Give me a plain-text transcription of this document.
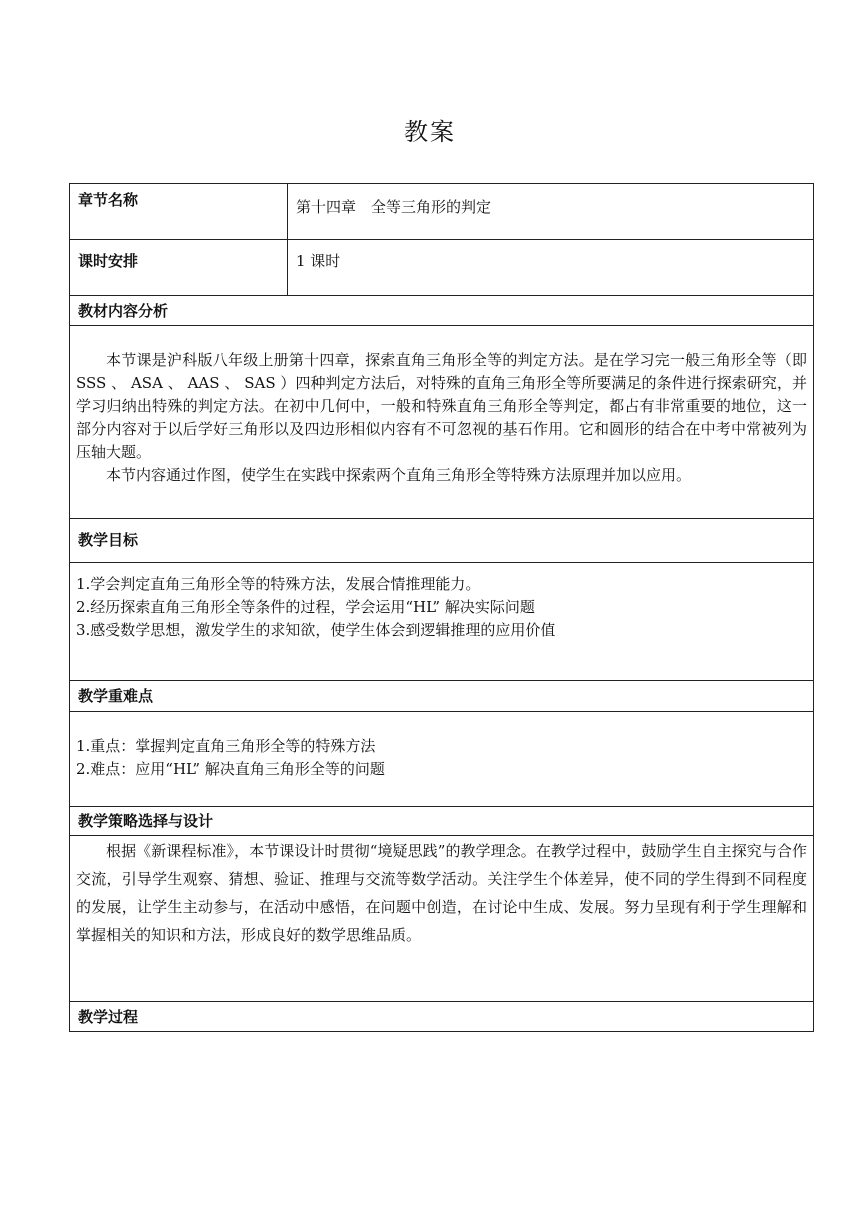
教案
章节名称	第十四章　全等三角形的判定
课时安排	1 课时

教材内容分析	

本节课是沪科版八年级上册第十四章，探索直角三角形全等的判定方法。是在学习完一般三角形全等（即 SSS 、 ASA 、 AAS 、 SAS ）四种判定方法后，对特殊的直角三角形全等所要满足的条件进行探索研究，并学习归纳出特殊的判定方法。在初中几何中，一般和特殊直角三角形全等判定，都占有非常重要的地位，这一部分内容对于以后学好三角形以及四边形相似内容有不可忽视的基石作用。它和圆形的结合在中考中常被列为压轴大题。

本节内容通过作图，使学生在实践中探索两个直角三角形全等特殊方法原理并加以应用。	

教学目标	

1.学会判定直角三角形全等的特殊方法，发展合情推理能力。

2.经历探索直角三角形全等条件的过程，学会运用“HL” 解决实际问题

3.感受数学思想，激发学生的求知欲，使学生体会到逻辑推理的应用价值	

教学重难点	

1.重点：掌握判定直角三角形全等的特殊方法

2.难点：应用“HL” 解决直角三角形全等的问题	

教学策略选择与设计	

根据《新课程标准》，本节课设计时贯彻“境疑思践”的教学理念。在教学过程中，鼓励学生自主探究与合作交流，引导学生观察、猜想、验证、推理与交流等数学活动。关注学生个体差异，使不同的学生得到不同程度的发展，让学生主动参与，在活动中感悟，在问题中创造，在讨论中生成、发展。努力呈现有利于学生理解和掌握相关的知识和方法，形成良好的数学思维品质。	

教学过程	
